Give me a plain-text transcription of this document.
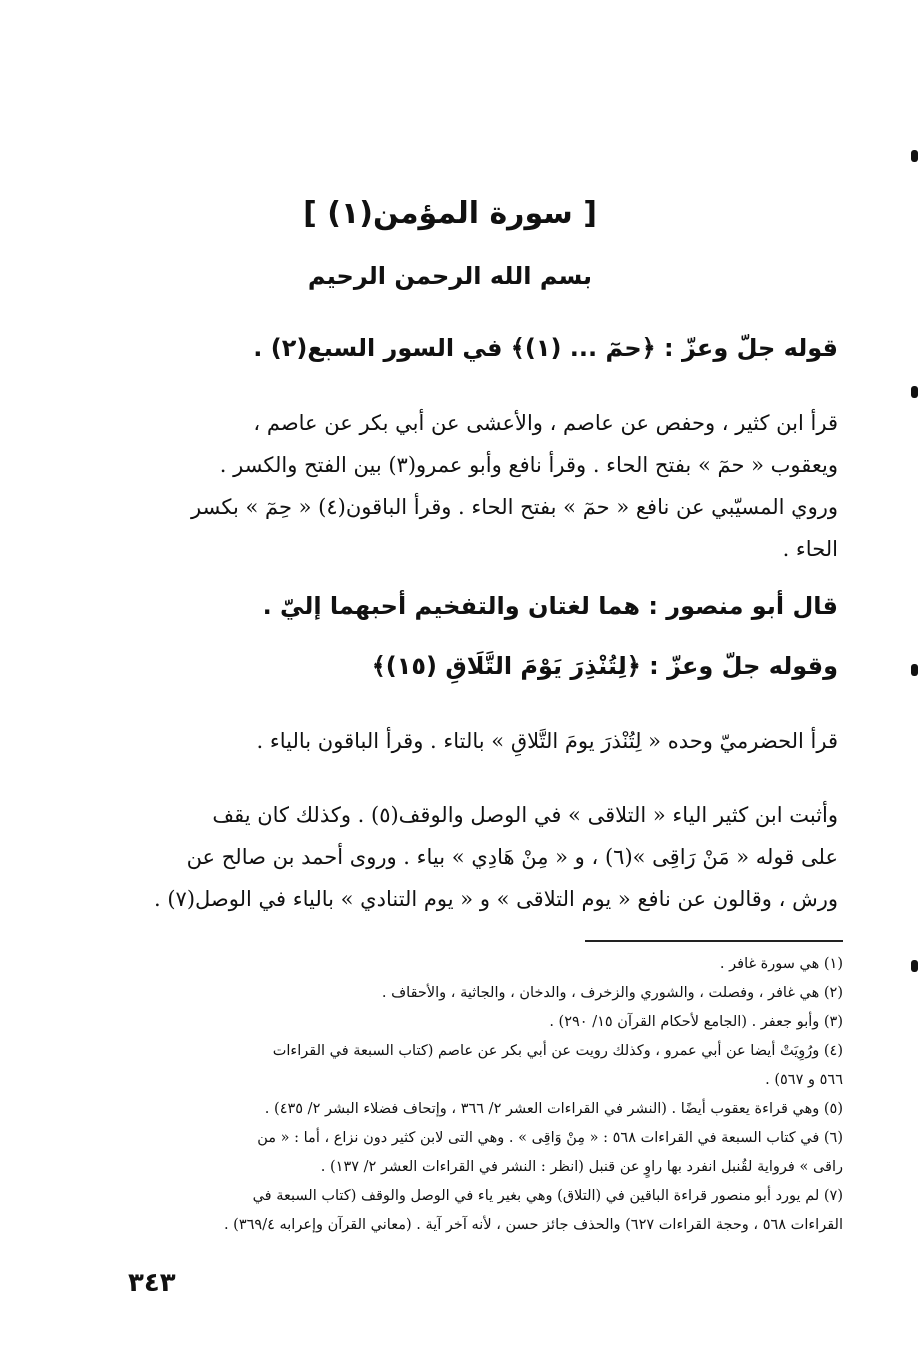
[ سورة المؤمن(١) ]
بسم الله الرحمن الرحيم
قوله جلّ وعزّ : ﴿حمٓ ... (١)﴾ في السور السبع(٢) .
قرأ ابن كثير ، وحفص عن عاصم ، والأعشى عن أبي بكر عن عاصم ،
ويعقوب « حمٓ » بفتح الحاء . وقرأ نافع وأبو عمرو(٣) بين الفتح والكسر .
وروي المسيّبي عن نافع « حمٓ » بفتح الحاء . وقرأ الباقون(٤) « حِمٓ » بكسر
الحاء .
قال أبو منصور : هما لغتان والتفخيم أحبهما إليّ .
وقوله جلّ وعزّ : ﴿لِتُنْذِرَ يَوْمَ التَّلَاقِ (١٥)﴾
قرأ الحضرميّ وحده « لِتُنْذرَ يومَ التَّلاقِ » بالتاء . وقرأ الباقون بالياء .
وأثبت ابن كثير الياء « التلاقى » في الوصل والوقف(٥) . وكذلك كان يقف
على قوله « مَنْ رَاقِى »(٦) ، و « مِنْ هَادِي » بياء . وروى أحمد بن صالح عن
ورش ، وقالون عن نافع « يوم التلاقى » و « يوم التنادي » بالياء في الوصل(٧) .
(١) هي سورة غافر .
(٢) هي غافر ، وفصلت ، والشوري والزخرف ، والدخان ، والجاثية ، والأحقاف .
(٣) وأبو جعفر . (الجامع لأحكام القرآن ١٥/ ٢٩٠) .
(٤) ورُوِيَتْ أيضا عن أبي عمرو ، وكذلك رويت عن أبي بكر عن عاصم (كتاب السبعة في القراءات
٥٦٦ و ٥٦٧) .
(٥) وهي قراءة يعقوب أيضًا . (النشر في القراءات العشر ٢/ ٣٦٦ ، وإتحاف فضلاء البشر ٢/ ٤٣٥) .
(٦) في كتاب السبعة في القراءات ٥٦٨ : « مِنْ وَاقِى » . وهي التى لابن كثير دون نزاع ، أما : « من
راقى » فرواية لقُنبل انفرد بها راوٍ عن قنبل (انظر : النشر في القراءات العشر ٢/ ١٣٧) .
(٧) لم يورد أبو منصور قراءة الباقين في (التلاق) وهي بغير ياء في الوصل والوقف (كتاب السبعة في
القراءات ٥٦٨ ، وحجة القراءات ٦٢٧) والحذف جائز حسن ، لأنه آخر آية . (معاني القرآن وإعرابه ٣٦٩/٤) .
٣٤٣
